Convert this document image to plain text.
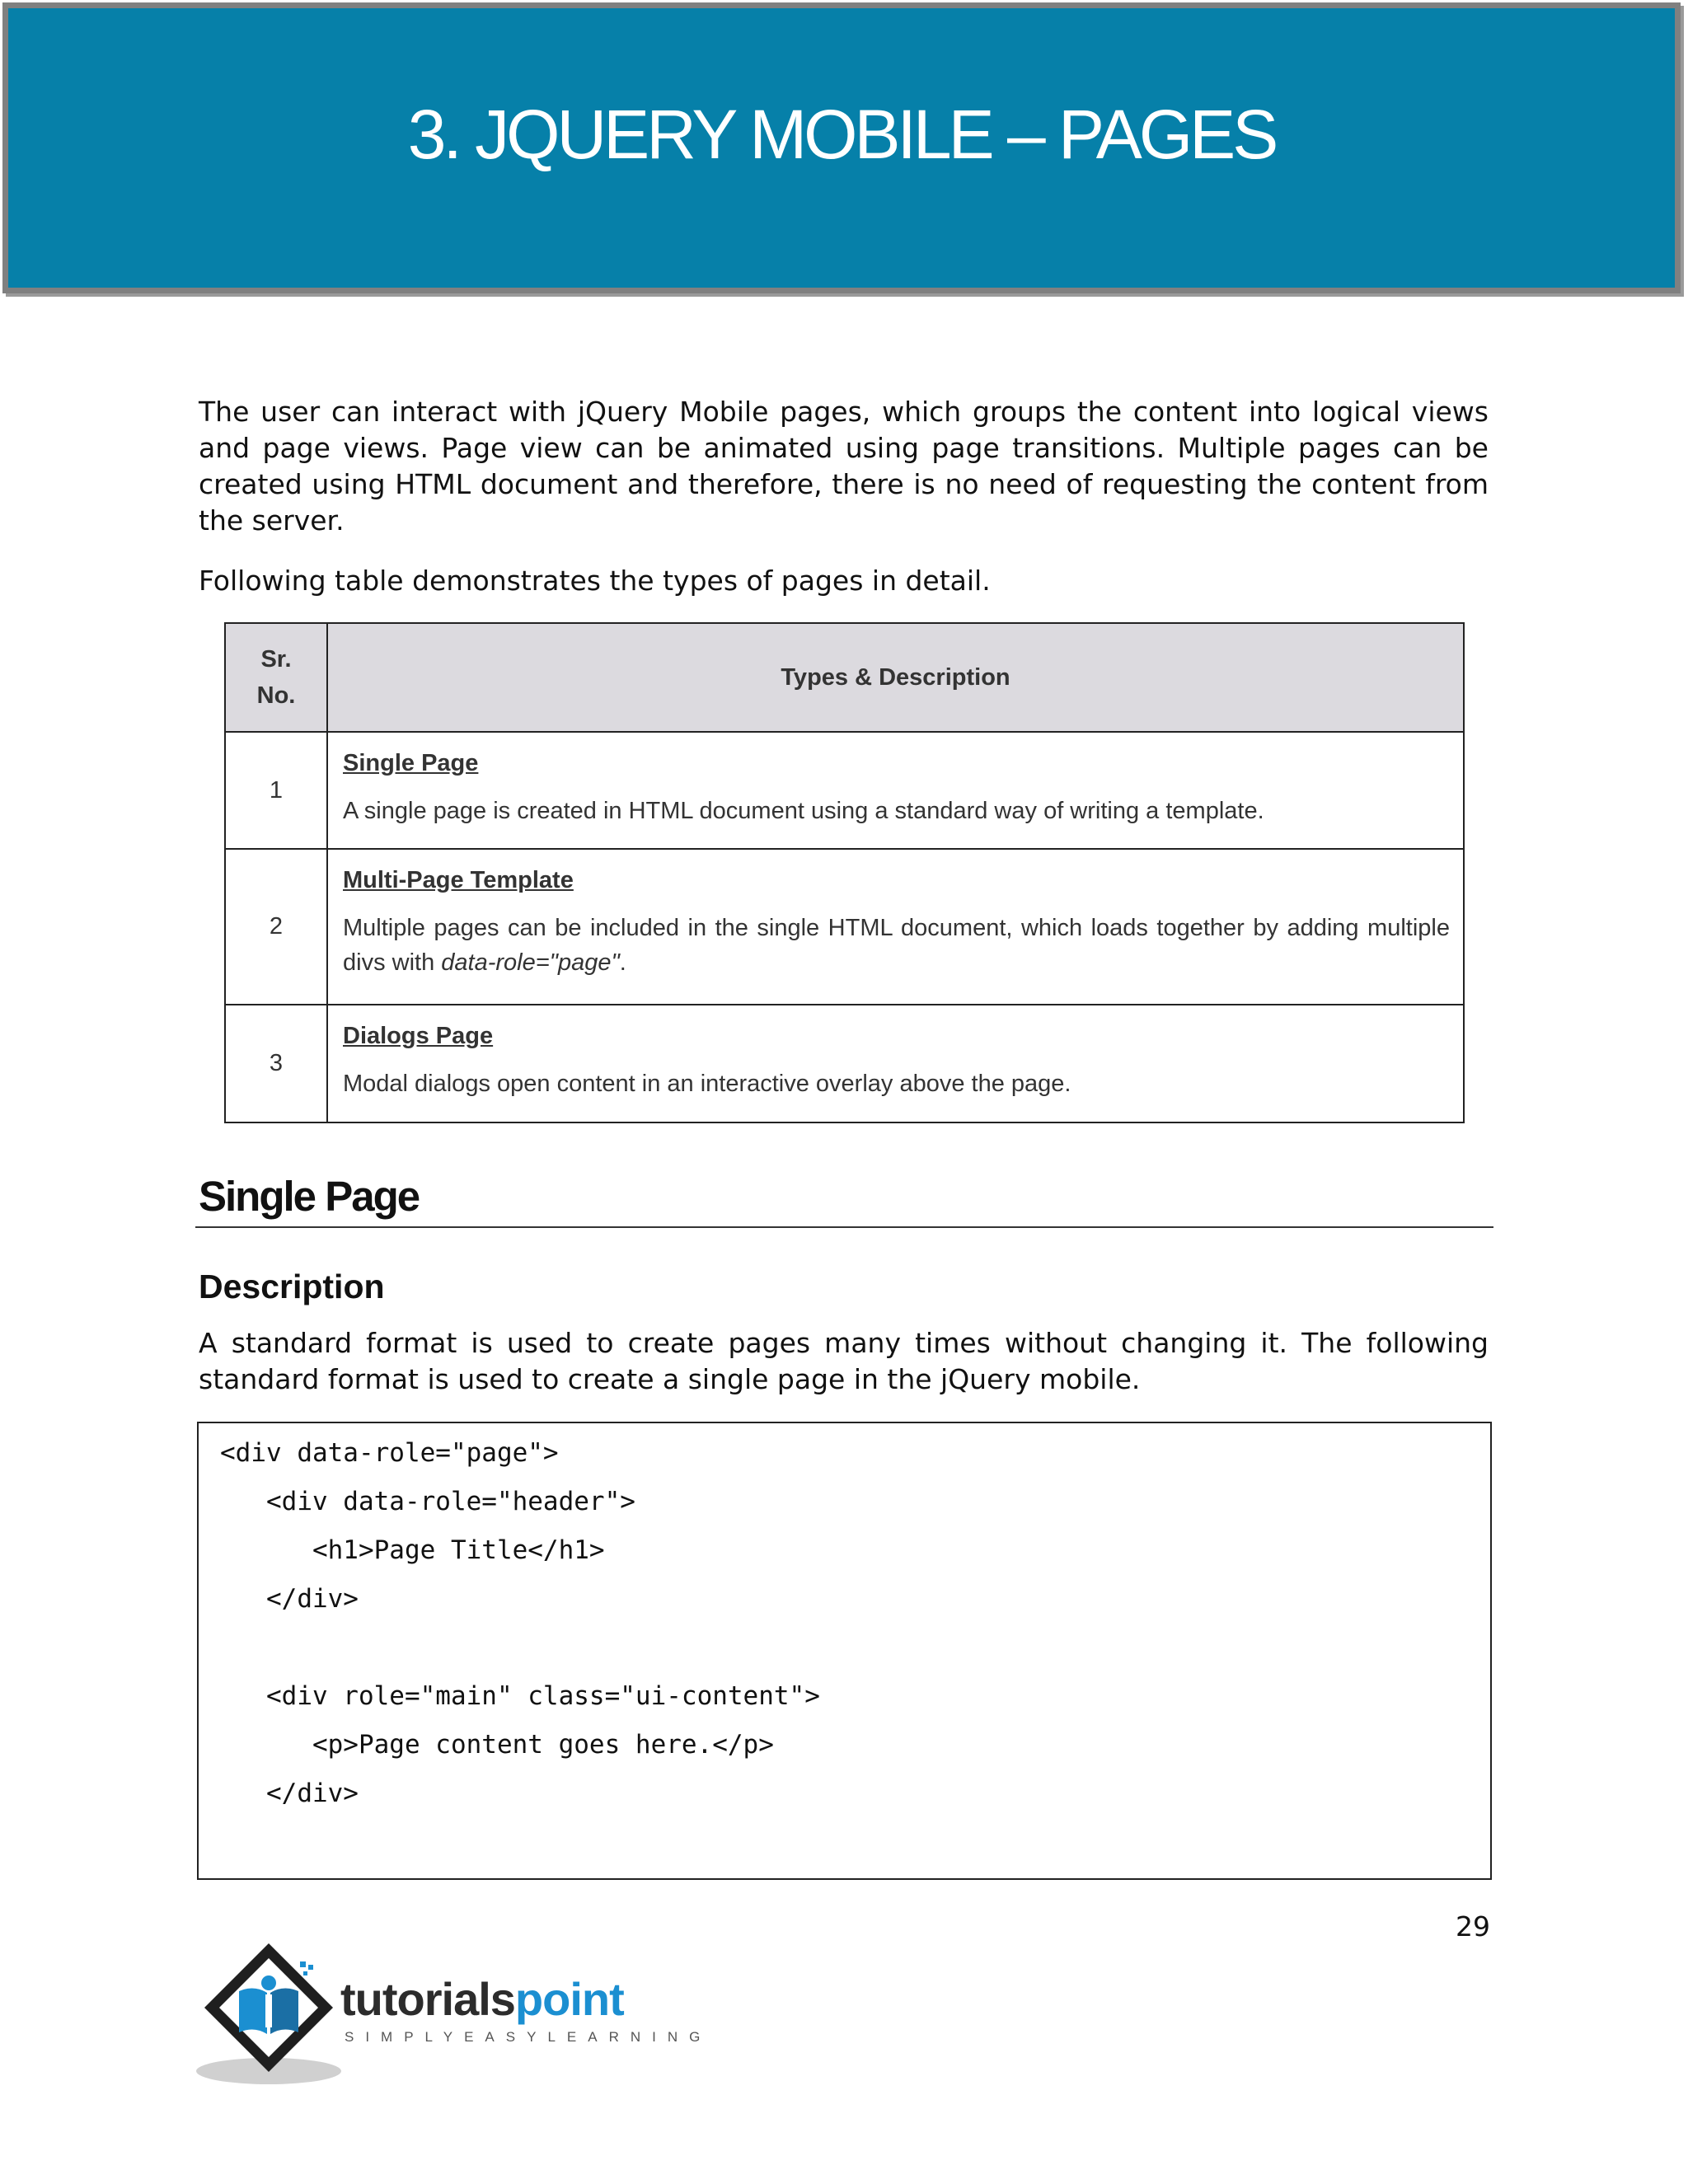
3. JQUERY MOBILE – PAGES

The user can interact with jQuery Mobile pages, which groups the content into logical views and page views. Page view can be animated using page transitions. Multiple pages can be created using HTML document and therefore, there is no need of requesting the content from the server.

Following table demonstrates the types of pages in detail.

Sr.
No.	Types & Description
1	Single Page

A single page is created in HTML document using a standard way of writing a template.

2	Multi-Page Template

Multiple pages can be included in the single HTML document, which loads together by adding multiple divs with data-role="page".

3	Dialogs Page

Modal dialogs open content in an interactive overlay above the page.

Single Page
Description

A standard format is used to create pages many times without changing it. The following standard format is used to create a single page in the jQuery mobile.

<div data-role="page">
<div data-role="header">
<h1>Page Title</h1>
</div>
<div role="main" class="ui-content">
<p>Page content goes here.</p>
</div>
29

tutorialspoint

SIMPLYEASYLEARNING
